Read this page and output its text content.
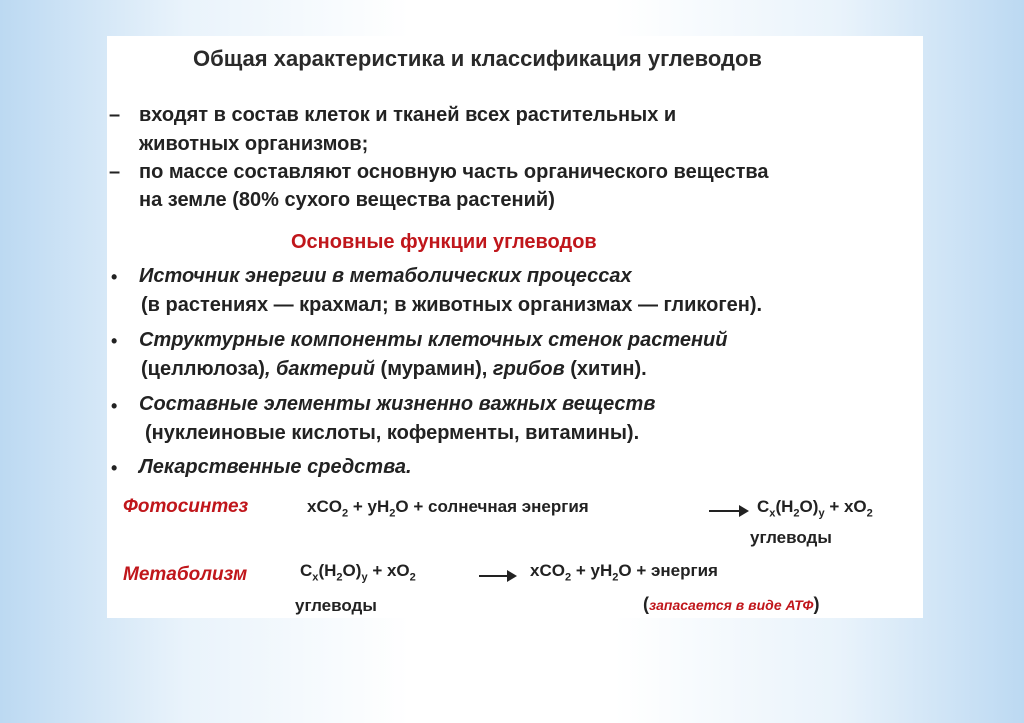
Общая характеристика и классификация углеводов
– входят в состав клеток и тканей всех растительных и
животных организмов;
– по массе составляют основную часть органического вещества
на земле (80% сухого вещества растений)
Основные функции углеводов
• Источник энергии в метаболических процессах
(в растениях — крахмал; в животных организмах — гликоген).
• Структурные компоненты клеточных стенок растений
(целлюлоза), бактерий (мурамин), грибов (хитин).
• Составные элементы жизненно важных веществ
(нуклеиновые кислоты, коферменты, витамины).
• Лекарственные средства.
Фотосинтез	$xCO_2 + yH_2O$ + солнечная энергия	→ $C_x(H_2O)_y + xO_2$
углеводы
Метаболизм	$C_x(H_2O)_y + xO_2$	→ $xCO_2 + yH_2O$ + энергия
углеводы	(запасается в виде АТФ)
